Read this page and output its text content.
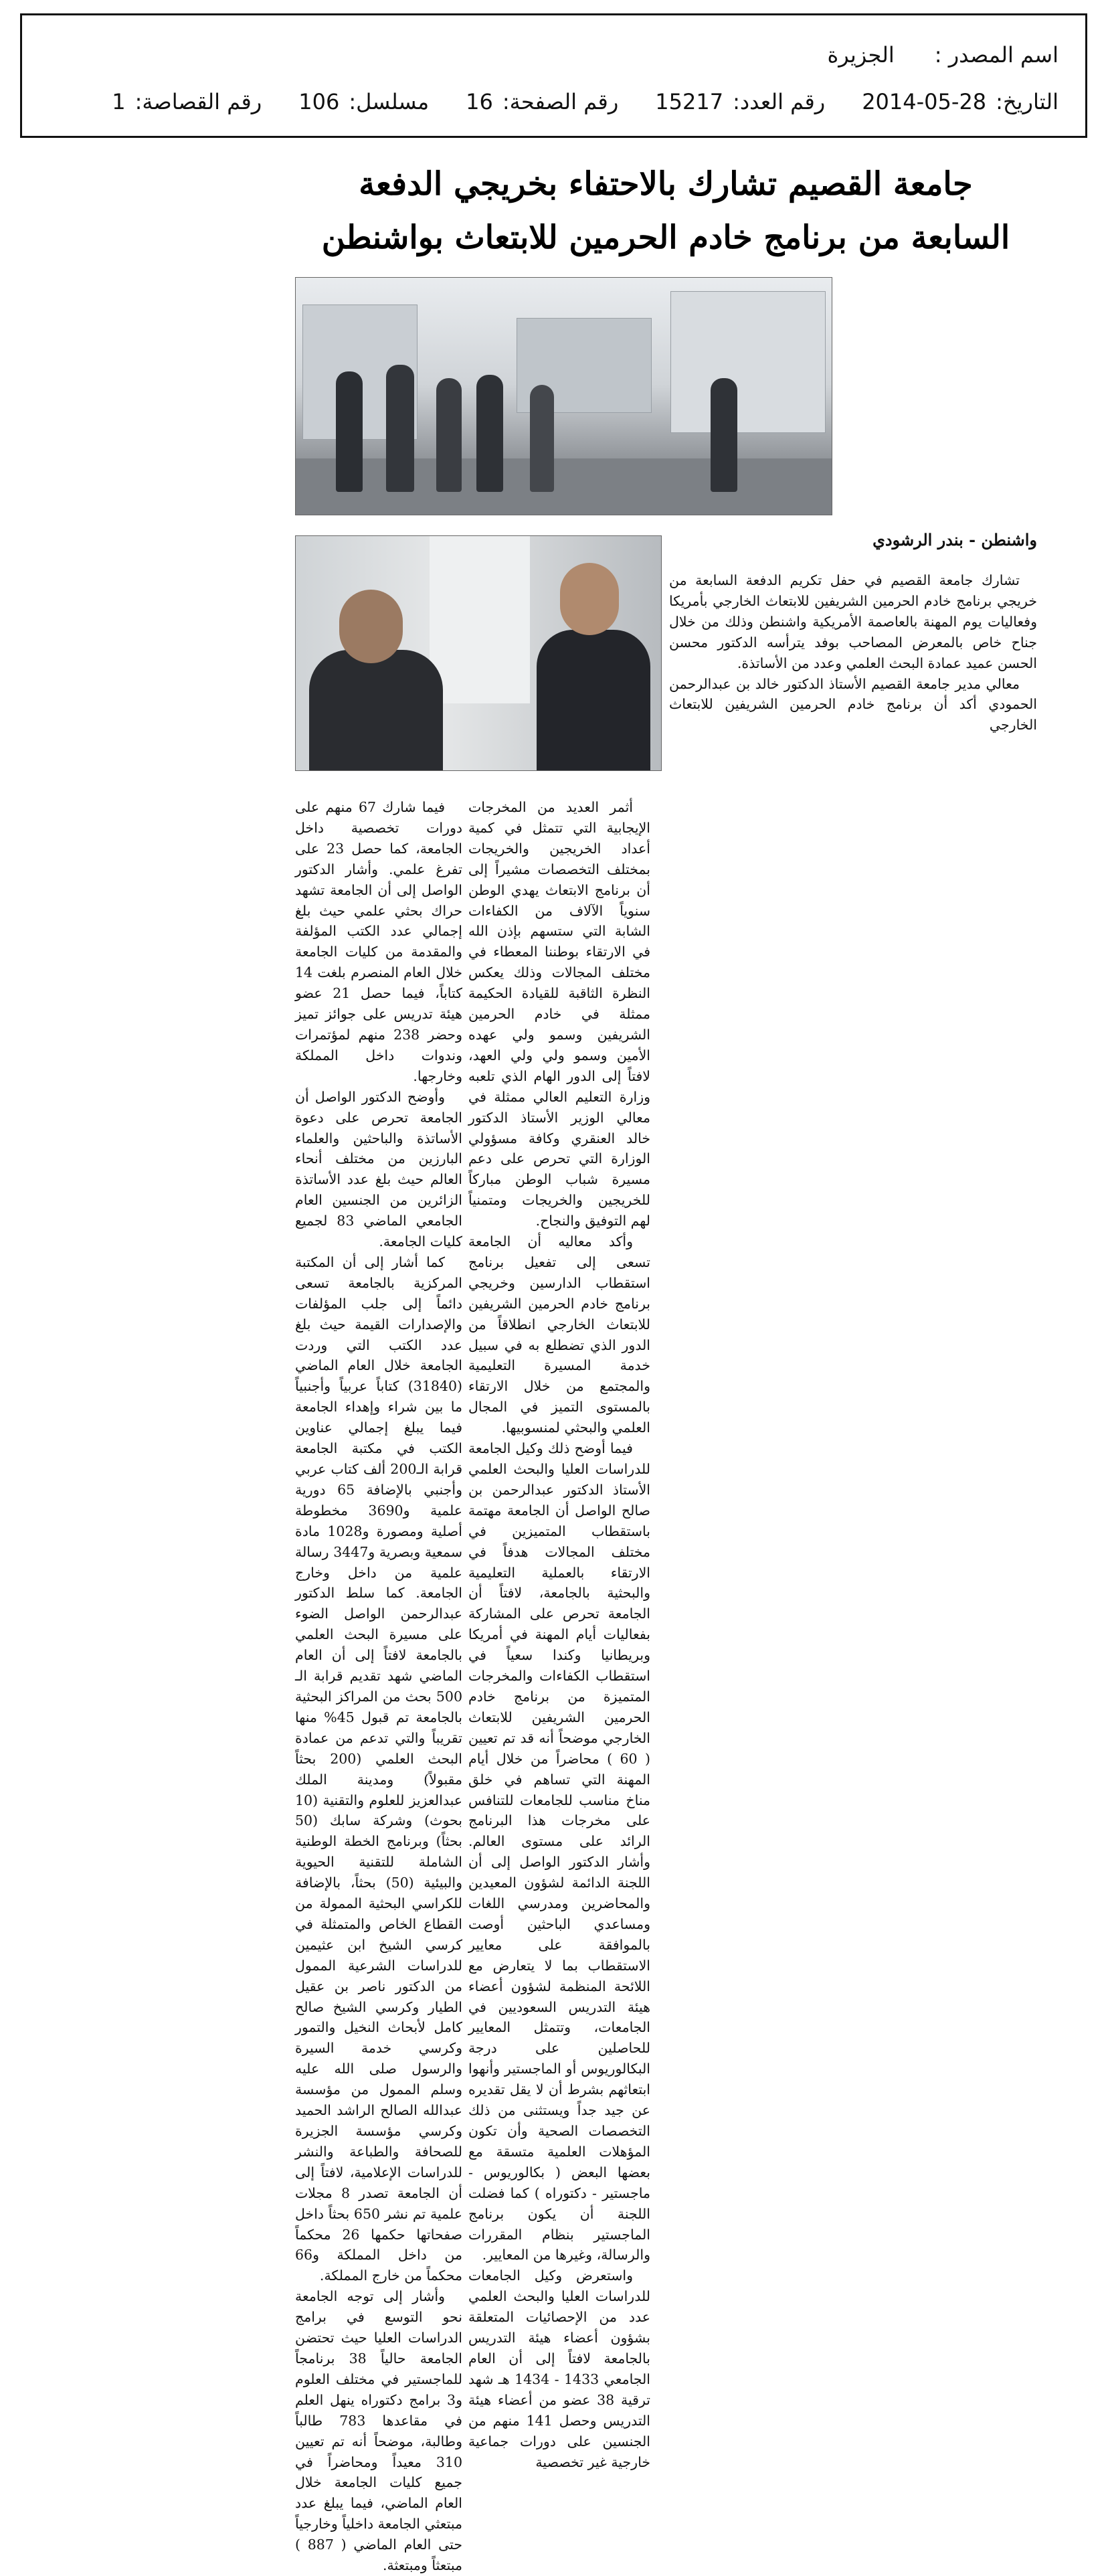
اسم المصدر :الجزيرة
التاريخ:28-05-2014
رقم العدد:15217
رقم الصفحة:16
مسلسل:106
رقم القصاصة:1
جامعة القصيم تشارك بالاحتفاء بخريجي الدفعة
السابعة من برنامج خادم الحرمين للابتعاث بواشنطن
واشنطن - بندر الرشودي

تشارك جامعة القصيم في حفل تكريم الدفعة السابعة من خريجي برنامج خادم الحرمين الشريفين للابتعاث الخارجي بأمريكا وفعاليات يوم المهنة بالعاصمة الأمريكية واشنطن وذلك من خلال جناح خاص بالمعرض المصاحب بوفد يترأسه الدكتور محسن الحسن عميد عمادة البحث العلمي وعدد من الأساتذة.

معالي مدير جامعة القصيم الأستاذ الدكتور خالد بن عبدالرحمن الحمودي أكد أن برنامج خادم الحرمين الشريفين للابتعاث الخارجي

أثمر العديد من المخرجات الإيجابية التي تتمثل في كمية أعداد الخريجين والخريجات بمختلف التخصصات مشيراً إلى أن برنامج الابتعاث يهدي الوطن سنوياً الآلاف من الكفاءات الشابة التي ستسهم بإذن الله في الارتقاء بوطننا المعطاء في مختلف المجالات وذلك يعكس النظرة الثاقبة للقيادة الحكيمة ممثلة في خادم الحرمين الشريفين وسمو ولي عهده الأمين وسمو ولي ولي العهد، لافتاً إلى الدور الهام الذي تلعبه وزارة التعليم العالي ممثلة في معالي الوزير الأستاذ الدكتور خالد العنقري وكافة مسؤولي الوزارة التي تحرص على دعم مسيرة شباب الوطن مباركاً للخريجين والخريجات ومتمنياً لهم التوفيق والنجاح.

وأكد معاليه أن الجامعة تسعى إلى تفعيل برنامج استقطاب الدارسين وخريجي برنامج خادم الحرمين الشريفين للابتعاث الخارجي انطلاقاً من الدور الذي تضطلع به في سبيل خدمة المسيرة التعليمية والمجتمع من خلال الارتقاء بالمستوى التميز في المجال العلمي والبحثي لمنسوبيها.

فيما أوضح ذلك وكيل الجامعة للدراسات العليا والبحث العلمي الأستاذ الدكتور عبدالرحمن بن صالح الواصل أن الجامعة مهتمة باستقطاب المتميزين في مختلف المجالات هدفاً في الارتقاء بالعملية التعليمية والبحثية بالجامعة، لافتاً أن الجامعة تحرص على المشاركة بفعاليات أيام المهنة في أمريكا وبريطانيا وكندا سعياً في استقطاب الكفاءات والمخرجات المتميزة من برنامج خادم الحرمين الشريفين للابتعاث الخارجي موضحاً أنه قد تم تعيين ( 60 ) محاضراً من خلال أيام المهنة التي تساهم في خلق مناخ مناسب للجامعات للتنافس على مخرجات هذا البرنامج الرائد على مستوى العالم. وأشار الدكتور الواصل إلى أن اللجنة الدائمة لشؤون المعيدين والمحاضرين ومدرسي اللغات ومساعدي الباحثين أوصت بالموافقة على معايير الاستقطاب بما لا يتعارض مع اللائحة المنظمة لشؤون أعضاء هيئة التدريس السعوديين في الجامعات، وتتمثل المعايير للحاصلين على درجة البكالوريوس أو الماجستير وأنهوا ابتعاثهم بشرط أن لا يقل تقديره عن جيد جداً ويستثنى من ذلك التخصصات الصحية وأن تكون المؤهلات العلمية متسقة مع بعضها البعض ( بكالوريوس - ماجستير - دكتوراه ) كما فضلت اللجنة أن يكون برنامج الماجستير بنظام المقررات والرسالة، وغيرها من المعايير.

واستعرض وكيل الجامعات للدراسات العليا والبحث العلمي عدد من الإحصائيات المتعلقة بشؤون أعضاء هيئة التدريس بالجامعة لافتاً إلى أن العام الجامعي 1433 - 1434 هـ شهد ترقية 38 عضو من أعضاء هيئة التدريس وحصل 141 منهم من الجنسين على دورات جماعية خارجية غير تخصصية

فيما شارك 67 منهم على دورات تخصصية داخل الجامعة، كما حصل 23 على تفرغ علمي. وأشار الدكتور الواصل إلى أن الجامعة تشهد حراك بحثي علمي حيث بلغ إجمالي عدد الكتب المؤلفة والمقدمة من كليات الجامعة خلال العام المنصرم بلغت 14 كتاباً، فيما حصل 21 عضو هيئة تدريس على جوائز تميز وحضر 238 منهم لمؤتمرات وندوات داخل المملكة وخارجها.

وأوضح الدكتور الواصل أن الجامعة تحرص على دعوة الأساتذة والباحثين والعلماء البارزين من مختلف أنحاء العالم حيث بلغ عدد الأساتذة الزائرين من الجنسين العام الجامعي الماضي 83 لجميع كليات الجامعة.

كما أشار إلى أن المكتبة المركزية بالجامعة تسعى دائماً إلى جلب المؤلفات والإصدارات القيمة حيث بلغ عدد الكتب التي وردت الجامعة خلال العام الماضي (31840) كتاباً عربياً وأجنبياً ما بين شراء وإهداء الجامعة فيما يبلغ إجمالي عناوين الكتب في مكتبة الجامعة قرابة الـ200 ألف كتاب عربي وأجنبي بالإضافة 65 دورية علمية و3690 مخطوطة أصلية ومصورة و1028 مادة سمعية وبصرية و3447 رسالة علمية من داخل وخارج الجامعة. كما سلط الدكتور عبدالرحمن الواصل الضوء على مسيرة البحث العلمي بالجامعة لافتاً إلى أن العام الماضي شهد تقديم قرابة الـ 500 بحث من المراكز البحثية بالجامعة تم قبول 45% منها تقريباً والتي تدعم من عمادة البحث العلمي (200 بحثاً مقبولاً) ومدينة الملك عبدالعزيز للعلوم والتقنية (10 بحوث) وشركة سابك (50 بحثاً) وبرنامج الخطة الوطنية الشاملة للتقنية الحيوية والبيئية (50) بحثاً، بالإضافة للكراسي البحثية الممولة من القطاع الخاص والمتمثلة في كرسي الشيخ ابن عثيمين للدراسات الشرعية الممول من الدكتور ناصر بن عقيل الطيار وكرسي الشيخ صالح كامل لأبحاث النخيل والتمور وكرسي خدمة السيرة والرسول صلى الله عليه وسلم الممول من مؤسسة عبدالله الصالح الراشد الحميد وكرسي مؤسسة الجزيرة للصحافة والطباعة والنشر للدراسات الإعلامية، لافتاً إلى أن الجامعة تصدر 8 مجلات علمية تم نشر 650 بحثاً داخل صفحاتها حكمها 26 محكماً من داخل المملكة و66 محكماً من خارج المملكة.

وأشار إلى توجه الجامعة نحو التوسع في برامج الدراسات العليا حيث تحتضن الجامعة حالياً 38 برنامجاً للماجستير في مختلف العلوم و3 برامج دكتوراه ينهل العلم في مقاعدها 783 طالباً وطالبة، موضحاً أنه تم تعيين 310 معيداً ومحاضراً في جميع كليات الجامعة خلال العام الماضي، فيما يبلغ عدد مبتعثي الجامعة داخلياً وخارجياً حتى العام الماضي ( 887 ) مبتعثاً ومبتعثة.
